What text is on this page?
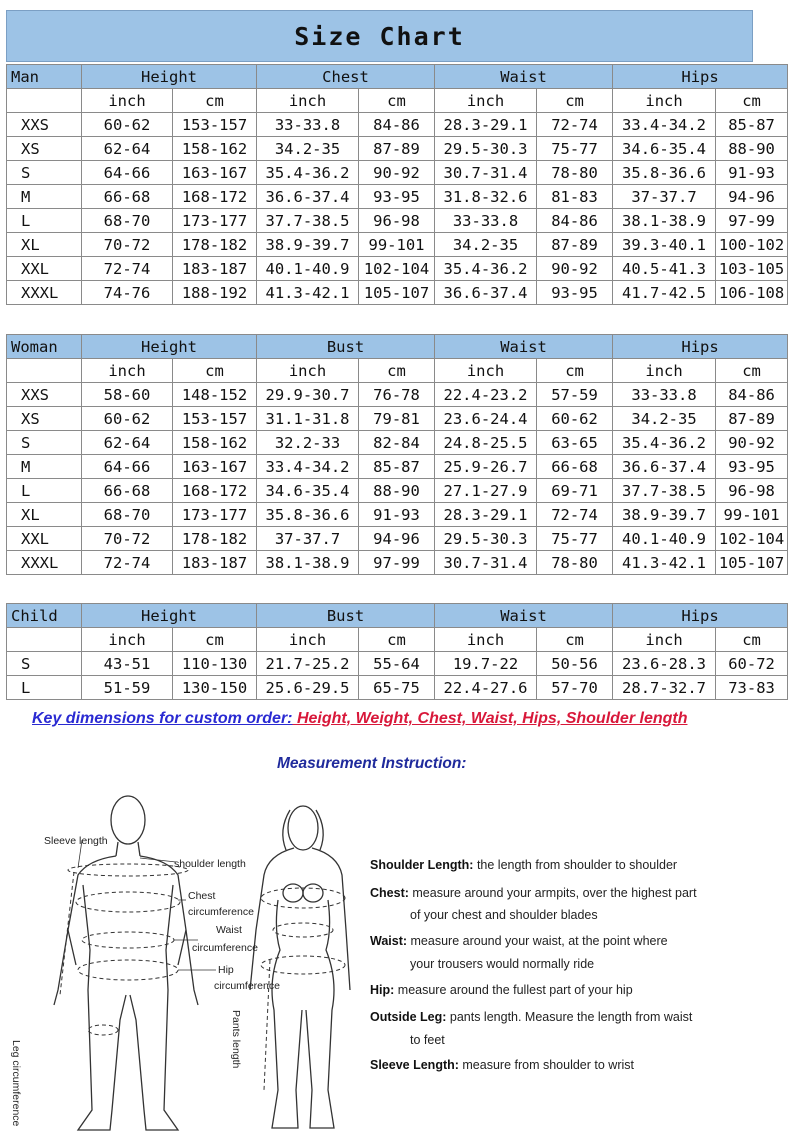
Size Chart
Man	Height		Chest		Waist		Hips	
	inch	cm	inch	cm	inch	cm	inch	cm
XXS	60-62	153-157	33-33.8	84-86	28.3-29.1	72-74	33.4-34.2	85-87
XS	62-64	158-162	34.2-35	87-89	29.5-30.3	75-77	34.6-35.4	88-90
S	64-66	163-167	35.4-36.2	90-92	30.7-31.4	78-80	35.8-36.6	91-93
M	66-68	168-172	36.6-37.4	93-95	31.8-32.6	81-83	37-37.7	94-96
L	68-70	173-177	37.7-38.5	96-98	33-33.8	84-86	38.1-38.9	97-99
XL	70-72	178-182	38.9-39.7	99-101	34.2-35	87-89	39.3-40.1	100-102
XXL	72-74	183-187	40.1-40.9	102-104	35.4-36.2	90-92	40.5-41.3	103-105
XXXL	74-76	188-192	41.3-42.1	105-107	36.6-37.4	93-95	41.7-42.5	106-108
Woman	Height		Bust		Waist		Hips	
	inch	cm	inch	cm	inch	cm	inch	cm
XXS	58-60	148-152	29.9-30.7	76-78	22.4-23.2	57-59	33-33.8	84-86
XS	60-62	153-157	31.1-31.8	79-81	23.6-24.4	60-62	34.2-35	87-89
S	62-64	158-162	32.2-33	82-84	24.8-25.5	63-65	35.4-36.2	90-92
M	64-66	163-167	33.4-34.2	85-87	25.9-26.7	66-68	36.6-37.4	93-95
L	66-68	168-172	34.6-35.4	88-90	27.1-27.9	69-71	37.7-38.5	96-98
XL	68-70	173-177	35.8-36.6	91-93	28.3-29.1	72-74	38.9-39.7	99-101
XXL	70-72	178-182	37-37.7	94-96	29.5-30.3	75-77	40.1-40.9	102-104
XXXL	72-74	183-187	38.1-38.9	97-99	30.7-31.4	78-80	41.3-42.1	105-107
Child	Height		Bust		Waist		Hips	
	inch	cm	inch	cm	inch	cm	inch	cm
S	43-51	110-130	21.7-25.2	55-64	19.7-22	50-56	23.6-28.3	60-72
L	51-59	130-150	25.6-29.5	65-75	22.4-27.6	57-70	28.7-32.7	73-83
Key dimensions for custom order: Height, Weight, Chest, Waist, Hips, Shoulder length
Measurement Instruction:
Sleeve length
shoulder length
Chest
circumference
Waist
circumference
Hip
circumference
Leg circumference
Pants length
Shoulder Length: the length from shoulder to shoulder
Chest: measure around your armpits, over the highest part
of your chest and shoulder blades
Waist: measure around your waist, at the point where
your trousers would normally ride
Hip: measure around the fullest part of your hip
Outside Leg: pants length. Measure the length from waist
to feet
Sleeve Length: measure from shoulder to wrist
